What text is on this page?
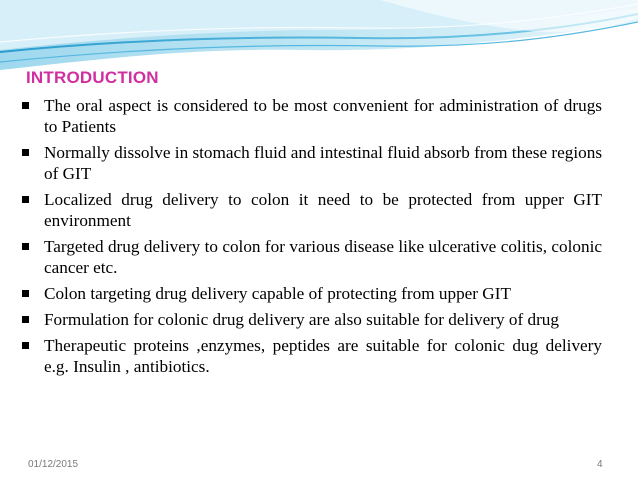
INTRODUCTION
The oral aspect is considered to be most convenient for administration of drugs to Patients
Normally dissolve in stomach fluid and intestinal fluid absorb from these regions of GIT
Localized drug delivery to colon it need to be protected from upper GIT environment
Targeted drug delivery to colon for various disease like ulcerative colitis, colonic cancer etc.
Colon targeting drug delivery capable of protecting from upper GIT
Formulation for colonic drug delivery are also suitable for delivery of drug
Therapeutic proteins ,enzymes, peptides are suitable for colonic dug delivery e.g. Insulin , antibiotics.
01/12/2015	4
